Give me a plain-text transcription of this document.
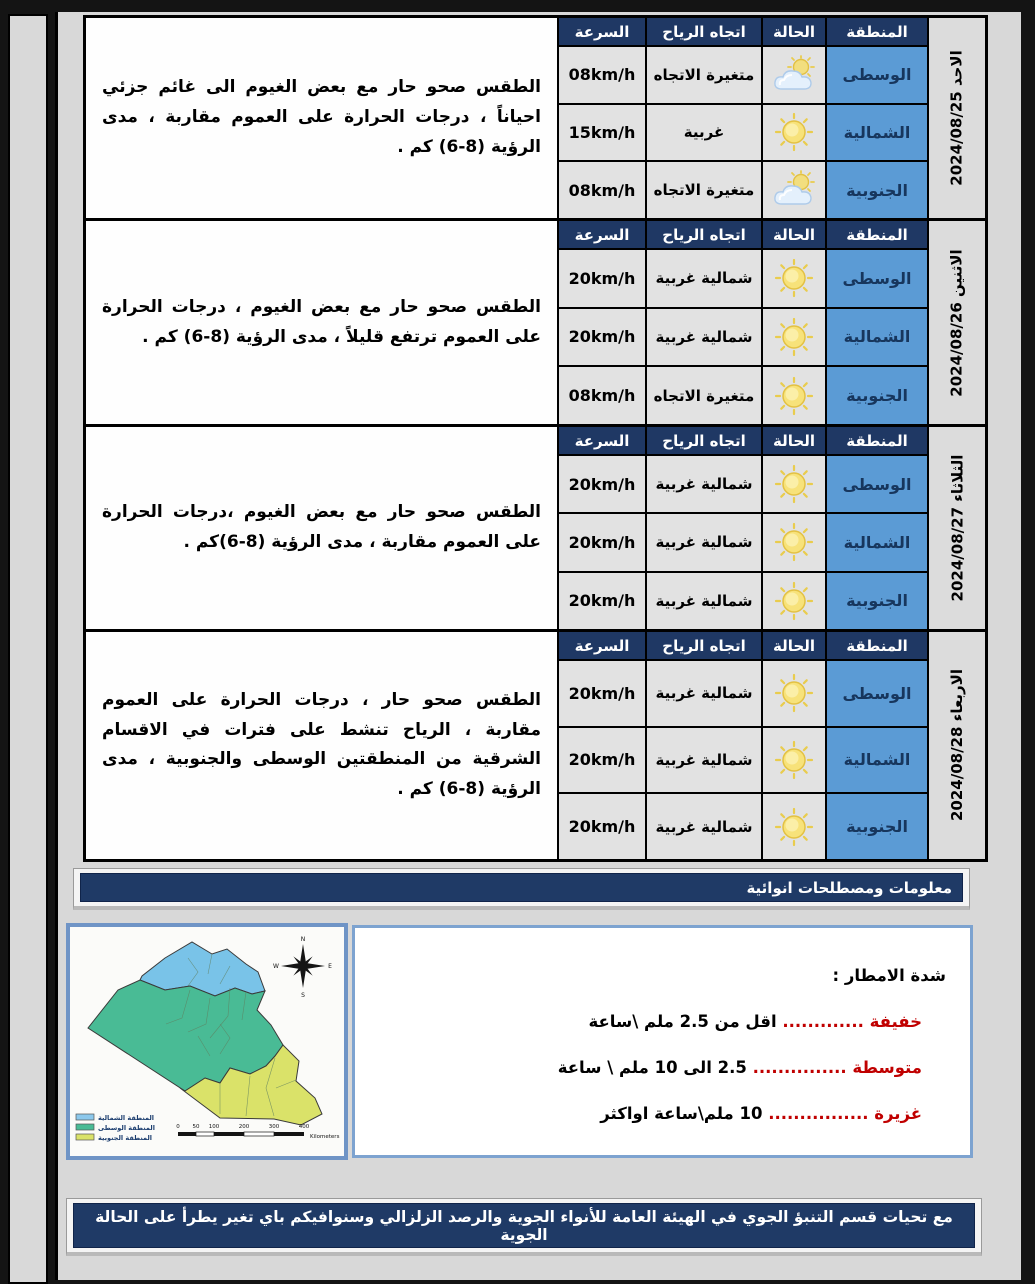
الطقس صحو حار مع بعض الغيوم الى غائم جزئي احياناً ، درجات الحرارة على العموم مقاربة ، مدى الرؤية (8-6) كم .
السرعة	اتجاه الرياح	الحالة	المنطقة
الاحد 2024/08/25
08km/h	متغيرة الاتجاه	الوسطى
15km/h	غربية	الشمالية
08km/h	متغيرة الاتجاه	الجنوبية
الطقس صحو حار مع بعض الغيوم ، درجات الحرارة على العموم ترتفع قليلاً ، مدى الرؤية (8-6) كم .
السرعة	اتجاه الرياح	الحالة	المنطقة
الاثنين 2024/08/26
20km/h	شمالية غربية	الوسطى
20km/h	شمالية غربية	الشمالية
08km/h	متغيرة الاتجاه	الجنوبية
الطقس صحو حار مع بعض الغيوم ،درجات الحرارة على العموم مقاربة ، مدى الرؤية (8-6)كم .
السرعة	اتجاه الرياح	الحالة	المنطقة
الثلاثاء 2024/08/27
20km/h	شمالية غربية	الوسطى
20km/h	شمالية غربية	الشمالية
20km/h	شمالية غربية	الجنوبية
الطقس صحو حار ، درجات الحرارة على العموم مقاربة ، الرياح تنشط على فترات في الاقسام الشرقية من المنطقتين الوسطى والجنوبية ، مدى الرؤية (8-6) كم .
السرعة	اتجاه الرياح	الحالة	المنطقة
الاربعاء 2024/08/28
20km/h	شمالية غربية	الوسطى
20km/h	شمالية غربية	الشمالية
20km/h	شمالية غربية	الجنوبية
معلومات ومصطلحات انوائية
N
E
S
W
المنطقة الشمالية
المنطقة الوسطى
المنطقة الجنوبية
0 50 100	200	300	400
Kilometers
شدة الامطار :
خفيفة ............. اقل من 2.5 ملم \ساعة
متوسطة ............... 2.5 الى 10 ملم \ ساعة
غزيرة ................ 10 ملم\ساعة اواكثر
مع تحيات قسم التنبؤ الجوي في الهيئة العامة للأنواء الجوية والرصد الزلزالي وسنوافيكم باي تغير يطرأ على الحالة الجوية
